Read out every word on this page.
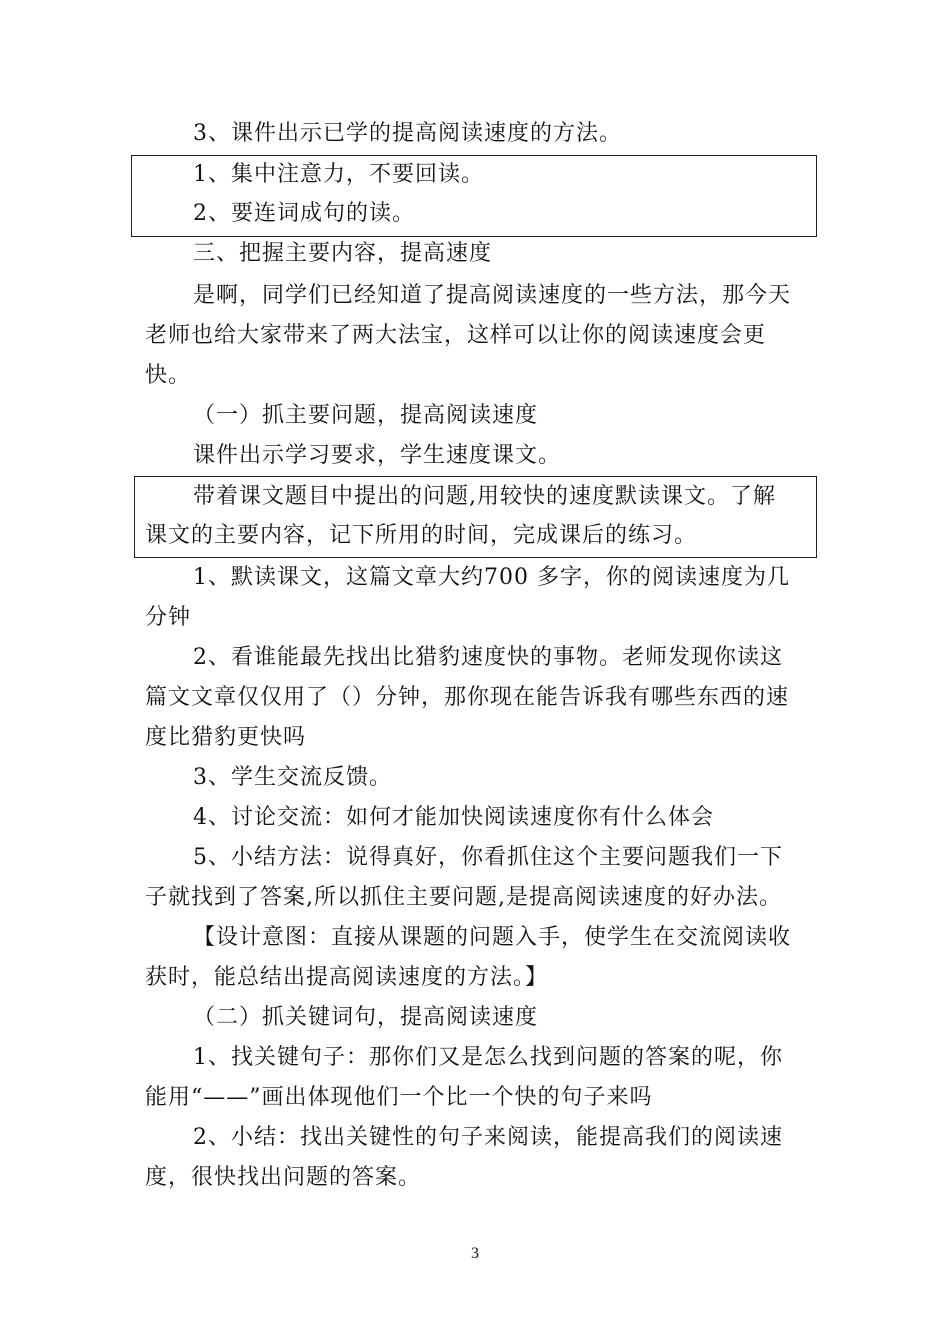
3、课件出示已学的提高阅读速度的方法。
1、集中注意力，不要回读。
2、要连词成句的读。
三、把握主要内容，提高速度
是啊，同学们已经知道了提高阅读速度的一些方法，那今天
老师也给大家带来了两大法宝，这样可以让你的阅读速度会更
快。
（一）抓主要问题，提高阅读速度
课件出示学习要求，学生速度课文。
带着课文题目中提出的问题,用较快的速度默读课文。了解
课文的主要内容，记下所用的时间，完成课后的练习。
1、默读课文，这篇文章大约700 多字，你的阅读速度为几
分钟
2、看谁能最先找出比猎豹速度快的事物。老师发现你读这
篇文文章仅仅用了（）分钟，那你现在能告诉我有哪些东西的速
度比猎豹更快吗
3、学生交流反馈。
4、讨论交流：如何才能加快阅读速度你有什么体会
5、小结方法：说得真好，你看抓住这个主要问题我们一下
子就找到了答案,所以抓住主要问题,是提高阅读速度的好办法。
【设计意图：直接从课题的问题入手，使学生在交流阅读收
获时，能总结出提高阅读速度的方法。】
（二）抓关键词句，提高阅读速度
1、找关键句子：那你们又是怎么找到问题的答案的呢，你
能用“——”画出体现他们一个比一个快的句子来吗
2、小结：找出关键性的句子来阅读，能提高我们的阅读速
度，很快找出问题的答案。
3
